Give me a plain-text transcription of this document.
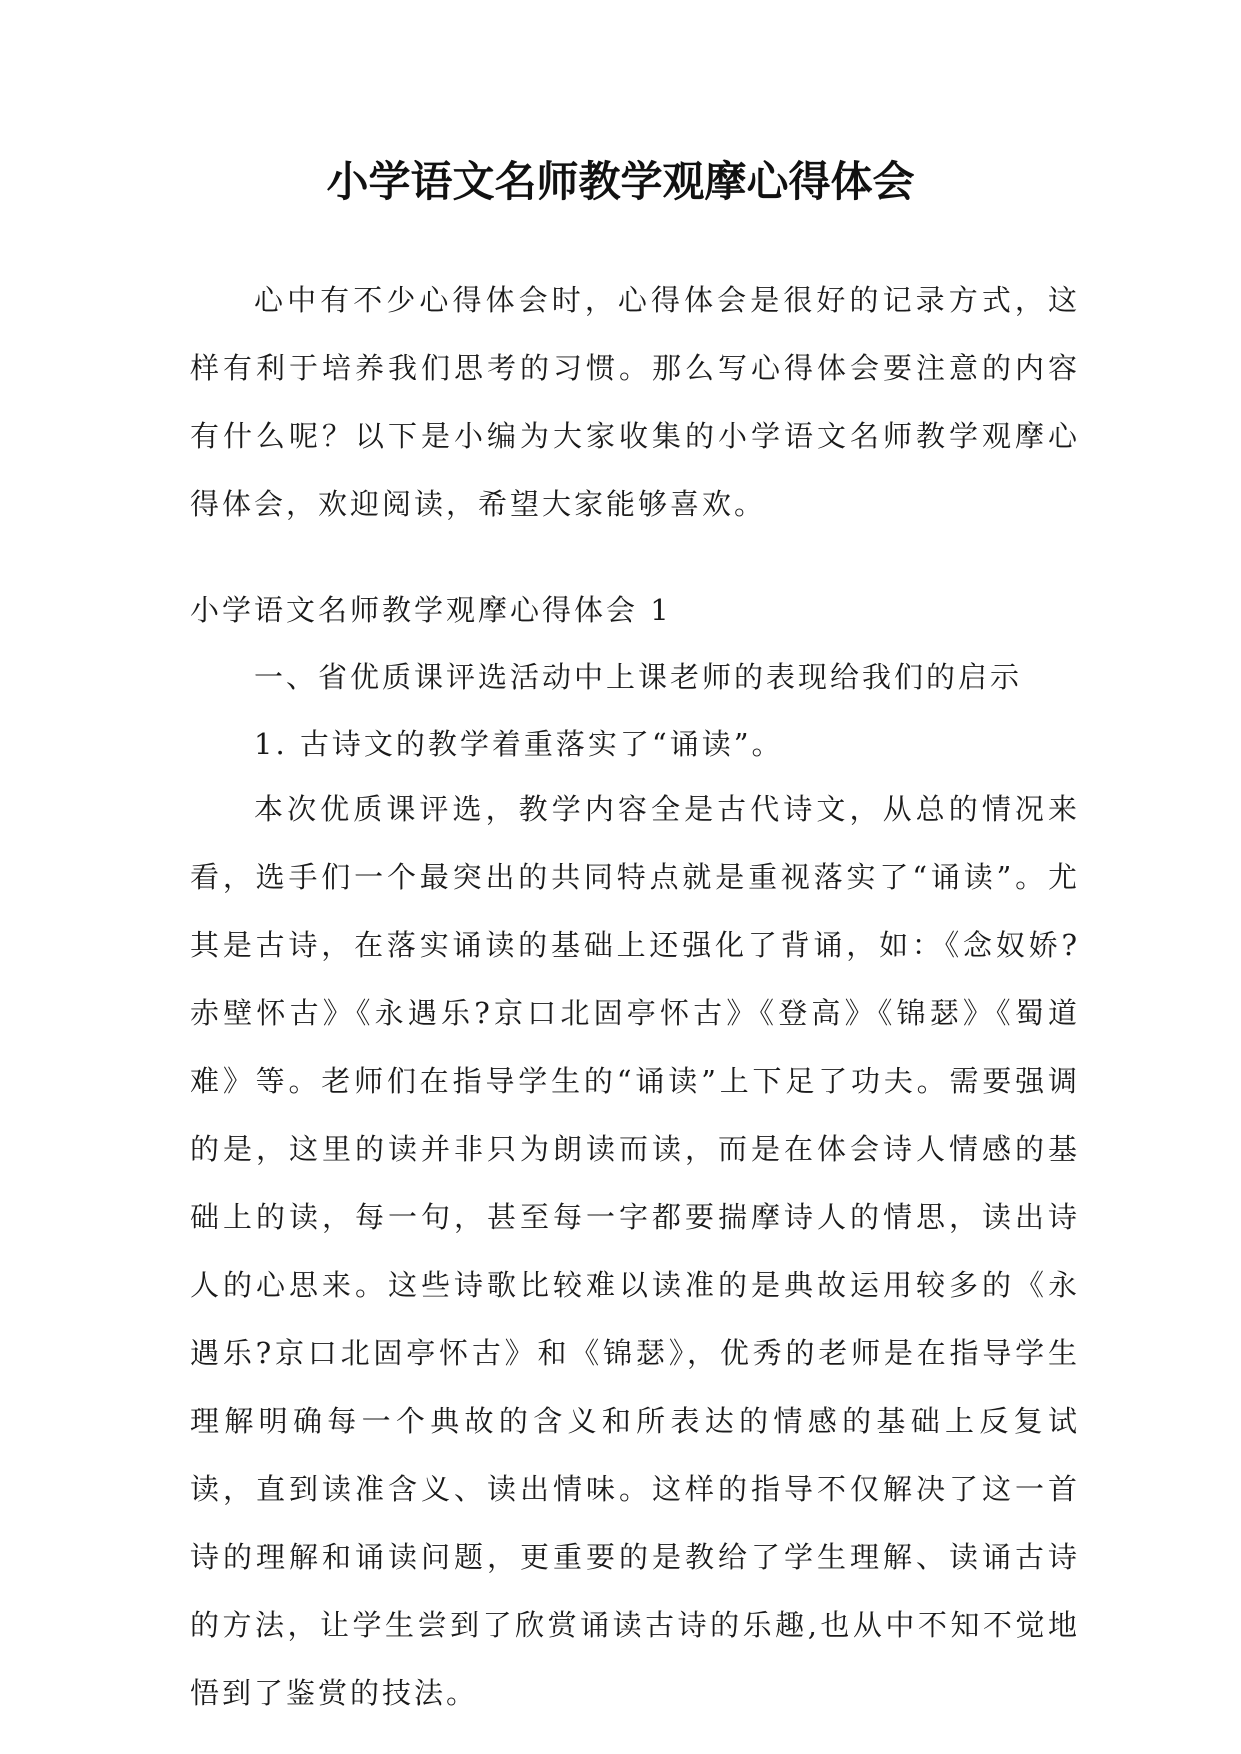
小学语文名师教学观摩心得体会

心中有不少心得体会时，心得体会是很好的记录方式，这样有利于培养我们思考的习惯。那么写心得体会要注意的内容有什么呢？以下是小编为大家收集的小学语文名师教学观摩心得体会，欢迎阅读，希望大家能够喜欢。

小学语文名师教学观摩心得体会 1

一、省优质课评选活动中上课老师的表现给我们的启示

1. 古诗文的教学着重落实了“诵读”。

本次优质课评选，教学内容全是古代诗文，从总的情况来看，选手们一个最突出的共同特点就是重视落实了“诵读”。尤其是古诗，在落实诵读的基础上还强化了背诵，如：《念奴娇?赤壁怀古》《永遇乐?京口北固亭怀古》《登高》《锦瑟》《蜀道难》等。老师们在指导学生的“诵读”上下足了功夫。需要强调的是，这里的读并非只为朗读而读，而是在体会诗人情感的基础上的读，每一句，甚至每一字都要揣摩诗人的情思，读出诗人的心思来。这些诗歌比较难以读准的是典故运用较多的《永遇乐?京口北固亭怀古》和《锦瑟》，优秀的老师是在指导学生理解明确每一个典故的含义和所表达的情感的基础上反复试读，直到读准含义、读出情味。这样的指导不仅解决了这一首诗的理解和诵读问题，更重要的是教给了学生理解、读诵古诗的方法，让学生尝到了欣赏诵读古诗的乐趣,也从中不知不觉地悟到了鉴赏的技法。
